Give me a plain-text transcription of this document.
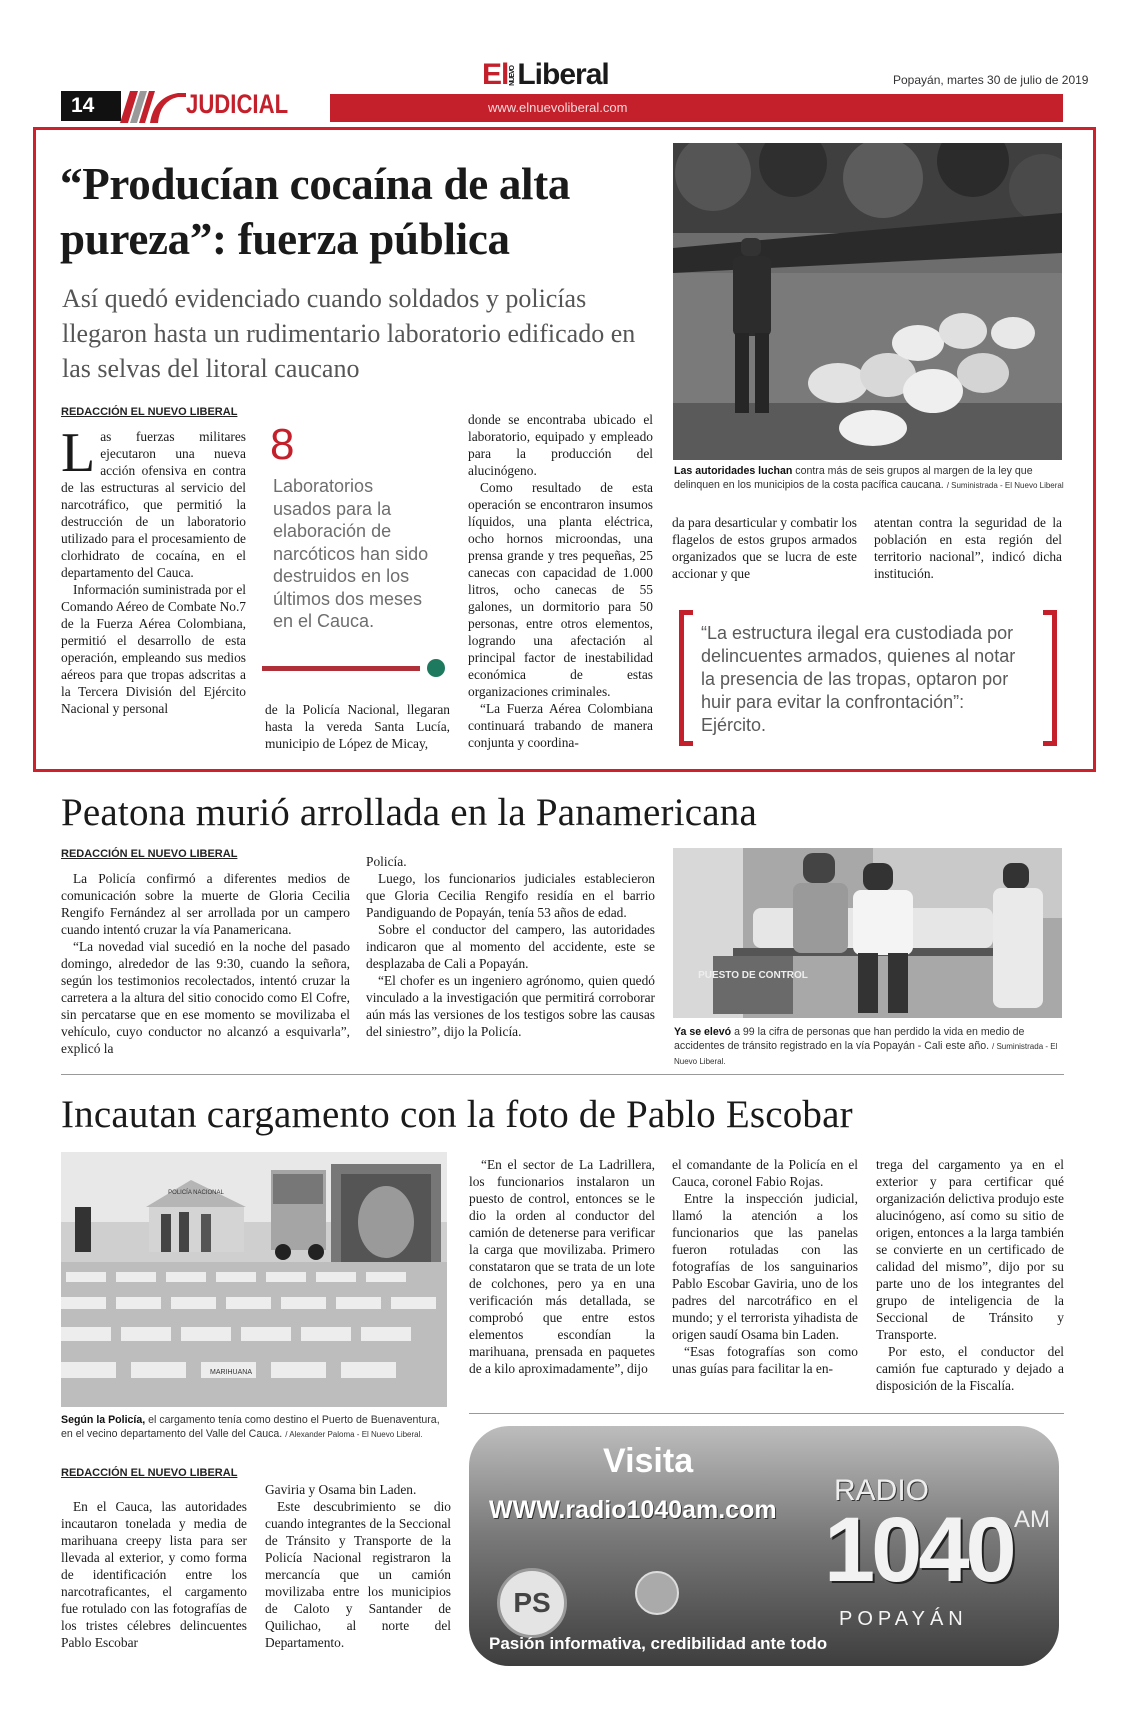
14	JUDICIAL
ElNUEVOLiberal
www.elnuevoliberal.com
Popayán, martes 30 de julio de 2019
“Producían cocaína de alta pureza”: fuerza pública
Así quedó evidenciado cuando soldados y policías llegaron hasta un rudimentario laboratorio edificado en las selvas del litoral caucano
REDACCIÓN EL NUEVO LIBERAL

Las fuerzas militares ejecutaron una nueva acción ofensiva en contra de las estructuras al servicio del narcotráfico, que permitió la destrucción de un laboratorio utilizado para el procesamiento de clorhidrato de cocaína, en el departamento del Cauca.

Información suministrada por el Comando Aéreo de Combate No.7 de la Fuerza Aérea Colombiana, permitió el desarrollo de esta operación, empleando sus medios aéreos para que tropas adscritas a la Tercera División del Ejército Nacional y personal

8
Laboratorios usados para la elaboración de narcóticos han sido destruidos en los últimos dos meses en el Cauca.

de la Policía Nacional, llegaran hasta la vereda Santa Lucía, municipio de López de Micay,

donde se encontraba ubicado el laboratorio, equipado y empleado para la producción del alucinógeno.

Como resultado de esta operación se encontraron insumos líquidos, una planta eléctrica, ocho hornos microondas, una prensa grande y tres pequeñas, 25 canecas con capacidad de 1.000 litros, ocho canecas de 55 galones, un dormitorio para 50 personas, entre otros elementos, logrando una afectación al principal factor de inestabilidad económica de estas organizaciones criminales.

“La Fuerza Aérea Colombiana continuará trabando de manera conjunta y coordina-

da para desarticular y combatir los flagelos de estos grupos armados organizados que se lucra de este accionar y que

atentan contra la seguridad de la población en esta región del territorio nacional”, indicó dicha institución.

Las autoridades luchan contra más de seis grupos al margen de la ley que delinquen en los municipios de la costa pacífica caucana. / Suministrada - El Nuevo Liberal
“La estructura ilegal era custodiada por delincuentes armados, quienes al notar la presencia de las tropas, optaron por huir para evitar la confrontación”: Ejército.
Peatona murió arrollada en la Panamericana
REDACCIÓN EL NUEVO LIBERAL

La Policía confirmó a diferentes medios de comunicación sobre la muerte de Gloria Cecilia Rengifo Fernández al ser arrollada por un campero cuando intentó cruzar la vía Panamericana.

“La novedad vial sucedió en la noche del pasado domingo, alrededor de las 9:30, cuando la señora, según los testimonios recolectados, intentó cruzar la carretera a la altura del sitio conocido como El Cofre, sin percatarse que en ese momento se movilizaba el vehículo, cuyo conductor no alcanzó a esquivarla”, explicó la

Policía.

Luego, los funcionarios judiciales establecieron que Gloria Cecilia Rengifo residía en el barrio Pandiguando de Popayán, tenía 53 años de edad.

Sobre el conductor del campero, las autoridades indicaron que al momento del accidente, este se desplazaba de Cali a Popayán.

“El chofer es un ingeniero agrónomo, quien quedó vinculado a la investigación que permitirá corroborar aún más las versiones de los testigos sobre las causas del siniestro”, dijo la Policía.

PUESTO DE CONTROL
Ya se elevó a 99 la cifra de personas que han perdido la vida en medio de accidentes de tránsito registrado en la vía Popayán - Cali este año. / Suministrada - El Nuevo Liberal.
Incautan cargamento con la foto de Pablo Escobar
POLICÍA NACIONAL
MARIHUANA
Según la Policía, el cargamento tenía como destino el Puerto de Buenaventura, en el vecino departamento del Valle del Cauca. / Alexander Paloma - El Nuevo Liberal.
REDACCIÓN EL NUEVO LIBERAL

En el Cauca, las autoridades incautaron tonelada y media de marihuana creepy lista para ser llevada al exterior, y como forma de identificación entre los narcotraficantes, el cargamento fue rotulado con las fotografías de los tristes célebres delincuentes Pablo Escobar

Gaviria y Osama bin Laden.

Este descubrimiento se dio cuando integrantes de la Seccional de Tránsito y Transporte de la Policía Nacional registraron la mercancía que un camión movilizaba entre los municipios de Caloto y Santander de Quilichao, al norte del Departamento.

“En el sector de La Ladrillera, los funcionarios instalaron un puesto de control, entonces se le dio la orden al conductor del camión de detenerse para verificar la carga que movilizaba. Primero constataron que se trata de un lote de colchones, pero ya en una verificación más detallada, se comprobó que entre estos elementos escondían la marihuana, prensada en paquetes de a kilo aproximadamente”, dijo

el comandante de la Policía en el Cauca, coronel Fabio Rojas.

Entre la inspección judicial, llamó la atención a los funcionarios que las panelas fueron rotuladas con las fotografías de los sanguinarios Pablo Escobar Gaviria, uno de los padres del narcotráfico en el mundo; y el terrorista yihadista de origen saudí Osama bin Laden.

“Esas fotografías son como unas guías para facilitar la en-

trega del cargamento ya en el exterior y para certificar qué organización delictiva produjo este alucinógeno, así como su sitio de origen, entonces a la larga también se convierte en un certificado de calidad del mismo”, dijo por su parte uno de los integrantes del grupo de inteligencia de la Seccional de Tránsito y Transporte.

Por esto, el conductor del camión fue capturado y dejado a disposición de la Fiscalía.

Visita
WWW.radio1040am.com
RADIO
1040 AM
POPAYÁN
PS
Pasión informativa, credibilidad ante todo
